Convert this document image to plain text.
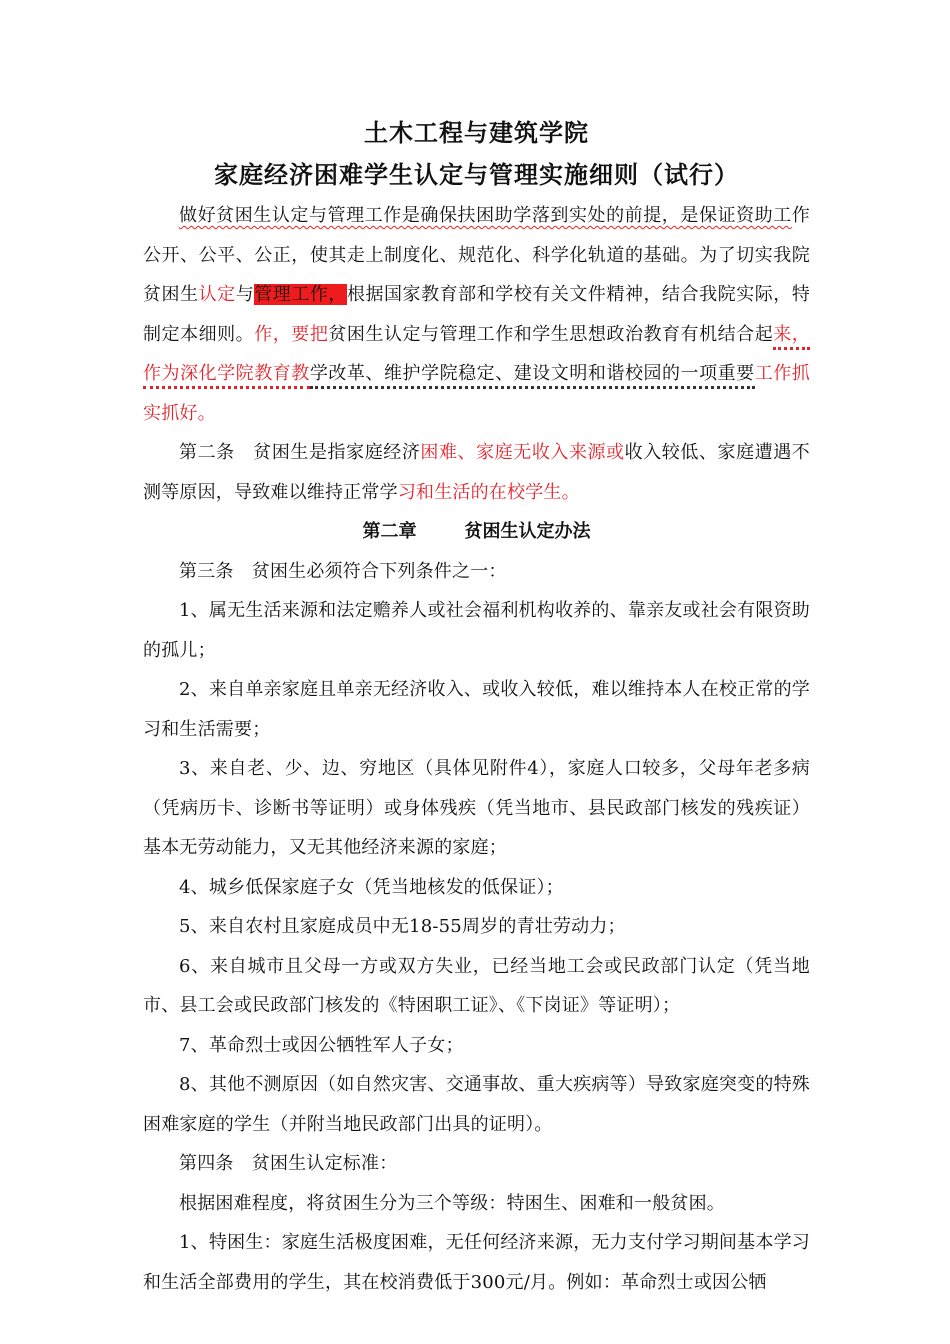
土木工程与建筑学院

家庭经济困难学生认定与管理实施细则（试行）

做好贫困生认定与管理工作是确保扶困助学落到实处的前提，是保证资助工作公开、公平、公正，使其走上制度化、规范化、科学化轨道的基础。为了切实我院贫困生认定与管理工作，根据国家教育部和学校有关文件精神，结合我院实际，特制定本细则。作，要把贫困生认定与管理工作和学生思想政治教育有机结合起来，作为深化学院教育教学改革、维护学院稳定、建设文明和谐校园的一项重要工作抓实抓好。

第二条　贫困生是指家庭经济困难、家庭无收入来源或收入较低、家庭遭遇不测等原因，导致难以维持正常学习和生活的在校学生。

第二章	贫困生认定办法

第三条　贫困生必须符合下列条件之一：

1、属无生活来源和法定赡养人或社会福利机构收养的、靠亲友或社会有限资助的孤儿；

2、来自单亲家庭且单亲无经济收入、或收入较低，难以维持本人在校正常的学习和生活需要；

3、来自老、少、边、穷地区（具体见附件4），家庭人口较多，父母年老多病（凭病历卡、诊断书等证明）或身体残疾（凭当地市、县民政部门核发的残疾证）基本无劳动能力，又无其他经济来源的家庭；

4、城乡低保家庭子女（凭当地核发的低保证）；

5、来自农村且家庭成员中无18-55周岁的青壮劳动力；

6、来自城市且父母一方或双方失业，已经当地工会或民政部门认定（凭当地市、县工会或民政部门核发的《特困职工证》、《下岗证》等证明）；

7、革命烈士或因公牺牲军人子女；

8、其他不测原因（如自然灾害、交通事故、重大疾病等）导致家庭突变的特殊困难家庭的学生（并附当地民政部门出具的证明）。

第四条　贫困生认定标准：

根据困难程度，将贫困生分为三个等级：特困生、困难和一般贫困。

1、特困生：家庭生活极度困难，无任何经济来源，无力支付学习期间基本学习和生活全部费用的学生，其在校消费低于300元/月。例如：革命烈士或因公牺
